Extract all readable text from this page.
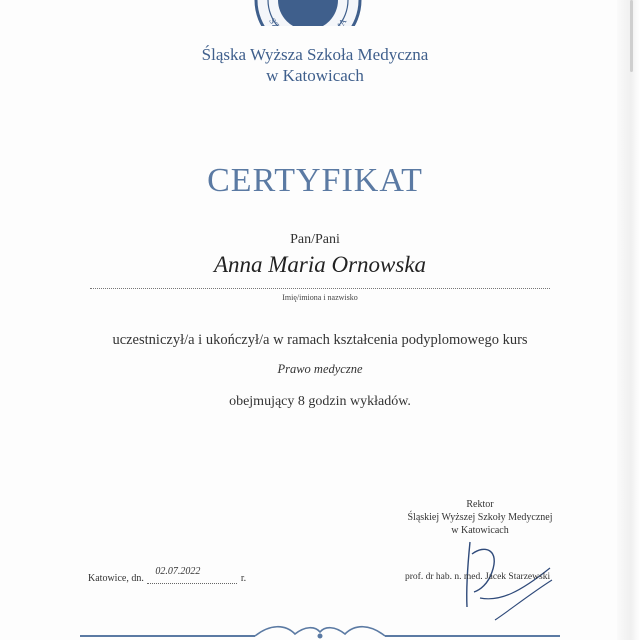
SZKOŁA MEDYCZNA
Śląska Wyższa Szkoła Medyczna
w Katowicach
CERTYFIKAT
Pan/Pani
Anna Maria Ornowska
Imię/imiona i nazwisko
uczestniczył/a i ukończył/a w ramach kształcenia podyplomowego kurs
Prawo medyczne
obejmujący 8 godzin wykładów.
Rektor
Śląskiej Wyższej Szkoły Medycznej
w Katowicach
Katowice, dn.
02.07.2022
r.	prof. dr hab. n. med. Jacek Starzewski
